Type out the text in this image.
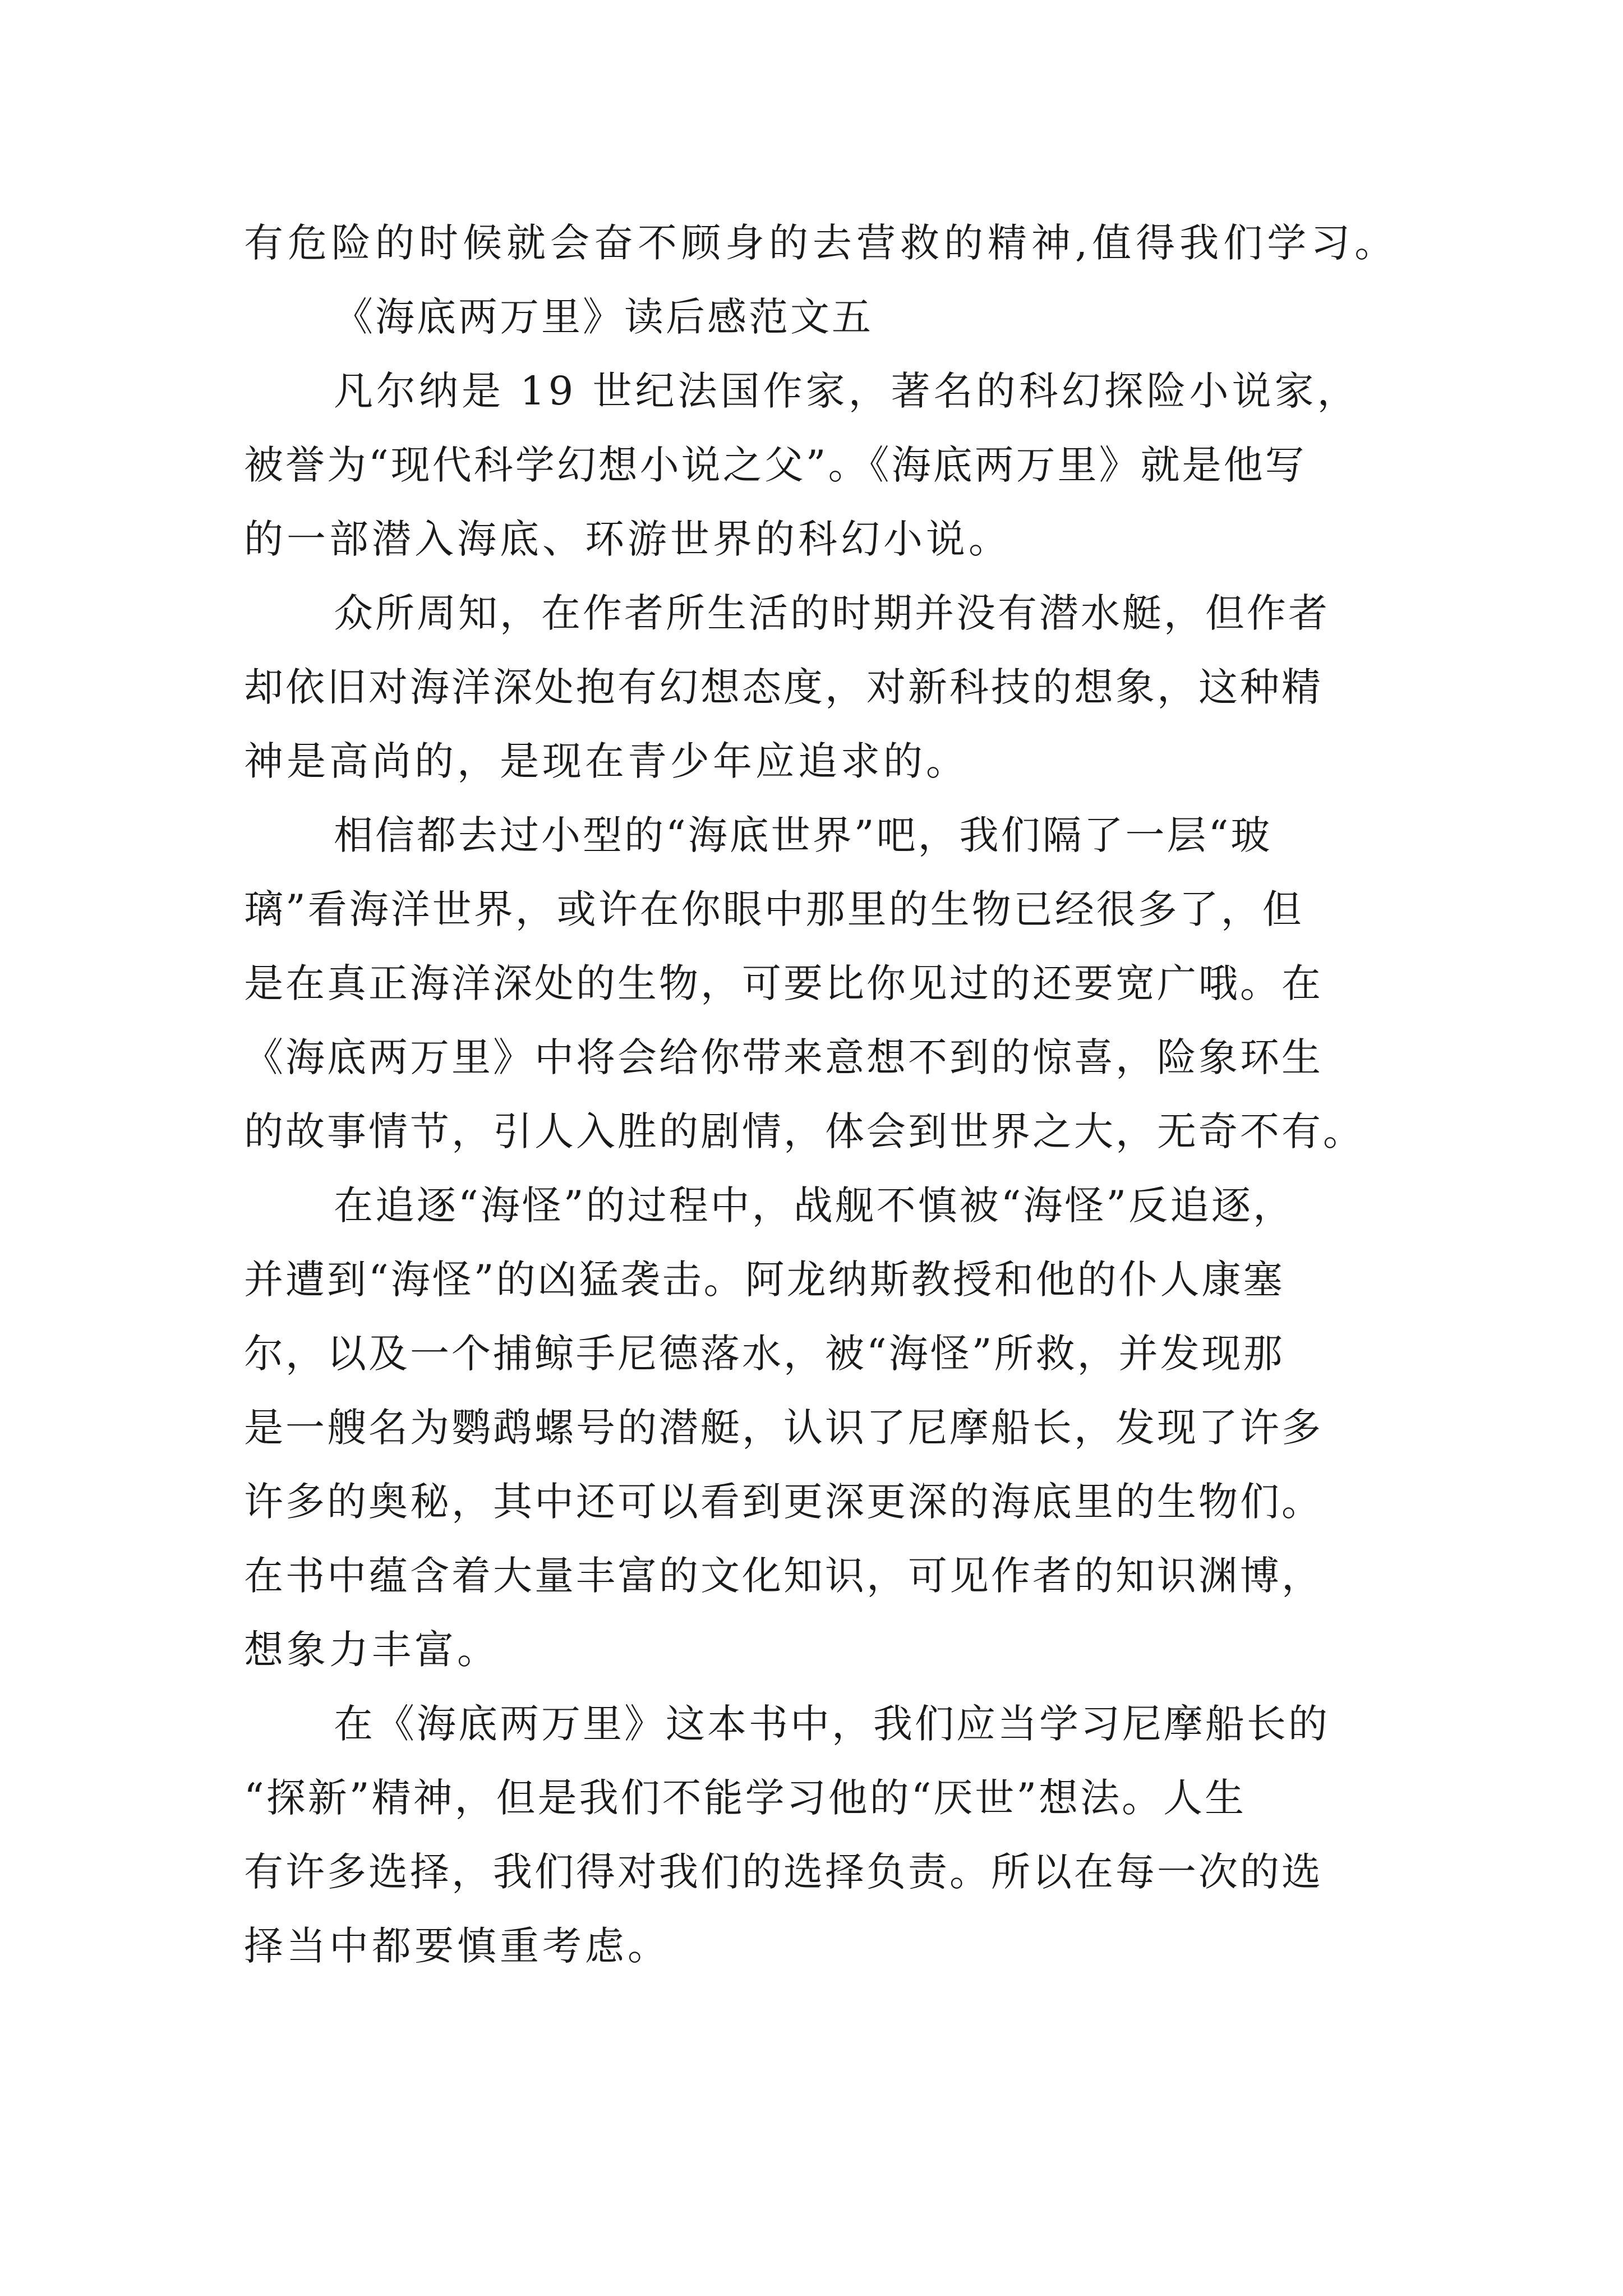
有危险的时候就会奋不顾身的去营救的精神,值得我们学习。
《海底两万里》读后感范文五
凡尔纳是 19 世纪法国作家，著名的科幻探险小说家，
被誉为“现代科学幻想小说之父”。《海底两万里》就是他写
的一部潜入海底、环游世界的科幻小说。
众所周知，在作者所生活的时期并没有潜水艇，但作者
却依旧对海洋深处抱有幻想态度，对新科技的想象，这种精
神是高尚的，是现在青少年应追求的。
相信都去过小型的“海底世界”吧，我们隔了一层“玻
璃”看海洋世界，或许在你眼中那里的生物已经很多了，但
是在真正海洋深处的生物，可要比你见过的还要宽广哦。在
《海底两万里》中将会给你带来意想不到的惊喜，险象环生
的故事情节，引人入胜的剧情，体会到世界之大，无奇不有。
在追逐“海怪”的过程中，战舰不慎被“海怪”反追逐，
并遭到“海怪”的凶猛袭击。阿龙纳斯教授和他的仆人康塞
尔，以及一个捕鲸手尼德落水，被“海怪”所救，并发现那
是一艘名为鹦鹉螺号的潜艇，认识了尼摩船长，发现了许多
许多的奥秘，其中还可以看到更深更深的海底里的生物们。
在书中蕴含着大量丰富的文化知识，可见作者的知识渊博，
想象力丰富。
在《海底两万里》这本书中，我们应当学习尼摩船长的
“探新”精神，但是我们不能学习他的“厌世”想法。人生
有许多选择，我们得对我们的选择负责。所以在每一次的选
择当中都要慎重考虑。
